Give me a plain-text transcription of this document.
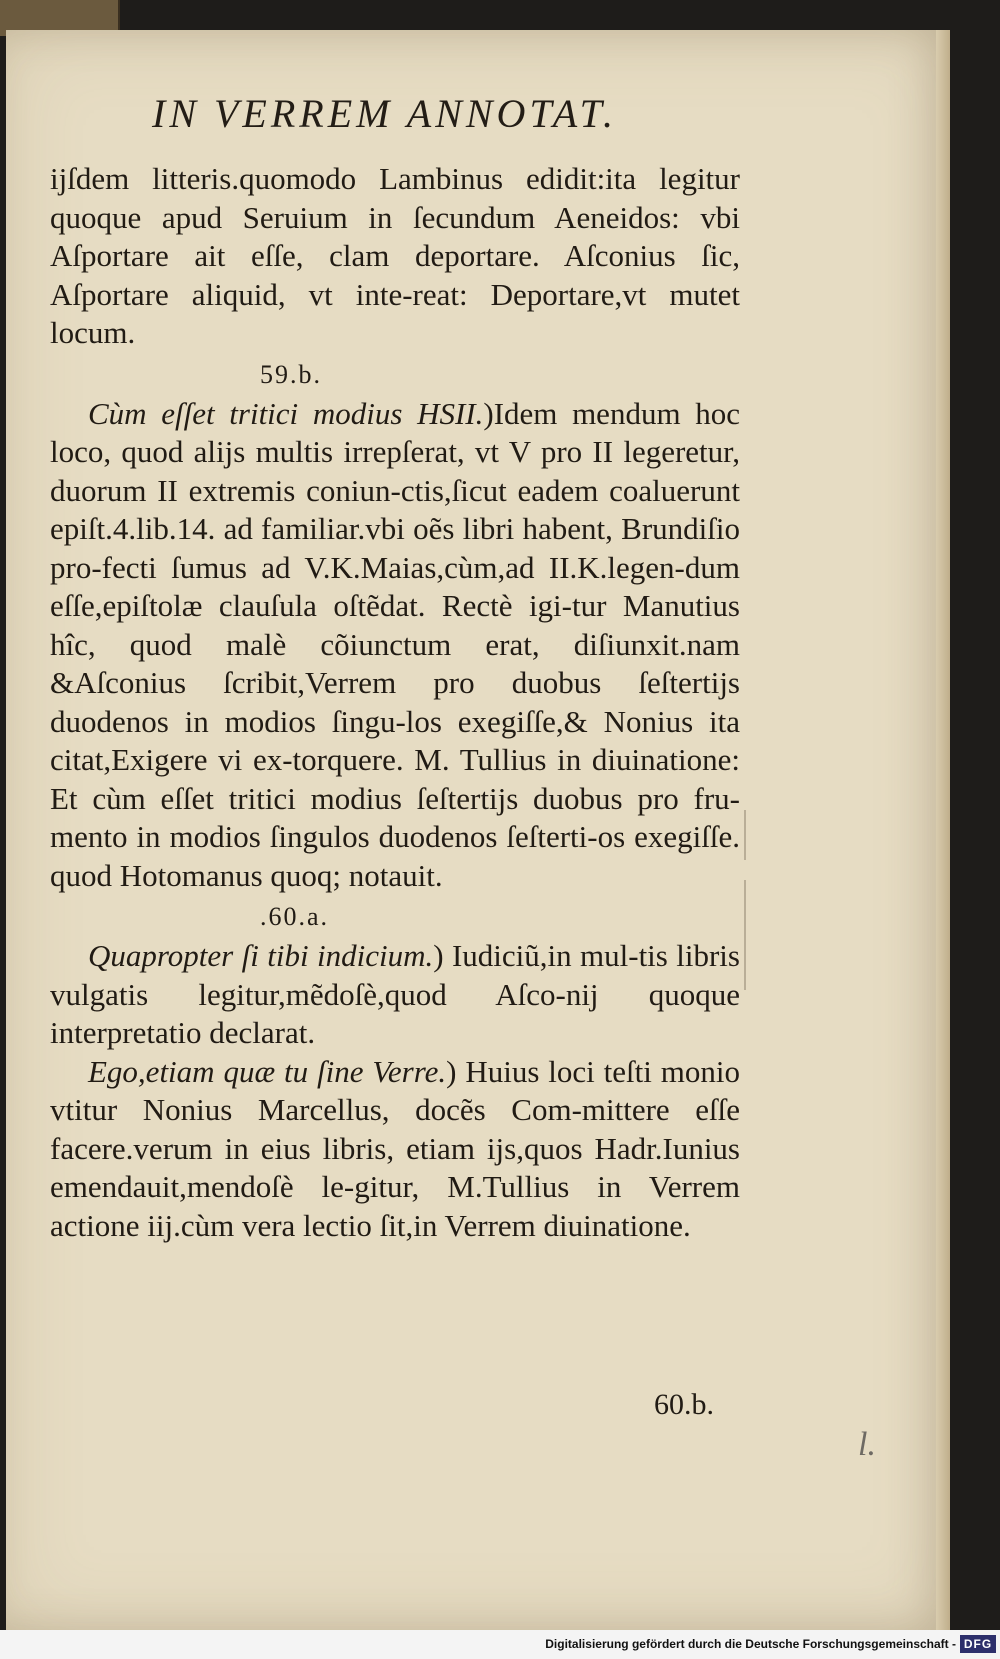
IN VERREM ANNOTAT.

ijſdem litteris.quomodo Lambinus edidit:ita legitur quoque apud Seruium in ſecundum Aeneidos: vbi Aſportare ait eſſe, clam deportare. Aſconius ſic, Aſportare aliquid, vt inte-reat: Deportare,vt mutet locum.

59.b.

Cùm eſſet tritici modius HSII.)Idem mendum hoc loco, quod alijs multis irrepſerat, vt V pro II legeretur, duorum II extremis coniun-ctis,ſicut eadem coaluerunt epiſt.4.lib.14. ad familiar.vbi oẽs libri habent, Brundiſio pro-fecti ſumus ad V.K.Maias,cùm,ad II.K.legen-dum eſſe,epiſtolæ clauſula oſtẽdat. Rectè igi-tur Manutius hîc, quod malè cõiunctum erat, diſiunxit.nam &Aſconius ſcribit,Verrem pro duobus ſeſtertijs duodenos in modios ſingu-los exegiſſe,& Nonius ita citat,Exigere vi ex-torquere. M. Tullius in diuinatione: Et cùm eſſet tritici modius ſeſtertijs duobus pro fru-mento in modios ſingulos duodenos ſeſterti-os exegiſſe. quod Hotomanus quoq; notauit.

.60.a.

Quapropter ſi tibi indicium.) Iudiciũ,in mul-tis libris vulgatis legitur,mẽdoſè,quod Aſco-nij quoque interpretatio declarat.

Ego,etiam quæ tu ſine Verre.) Huius loci teſti monio vtitur Nonius Marcellus, docẽs Com-mittere eſſe facere.verum in eius libris, etiam ijs,quos Hadr.Iunius emendauit,mendoſè le-gitur, M.Tullius in Verrem actione iij.cùm vera lectio ſit,in Verrem diuinatione.

60.b.
l.
Digitalisierung gefördert durch die Deutsche Forschungsgemeinschaft - DFG
